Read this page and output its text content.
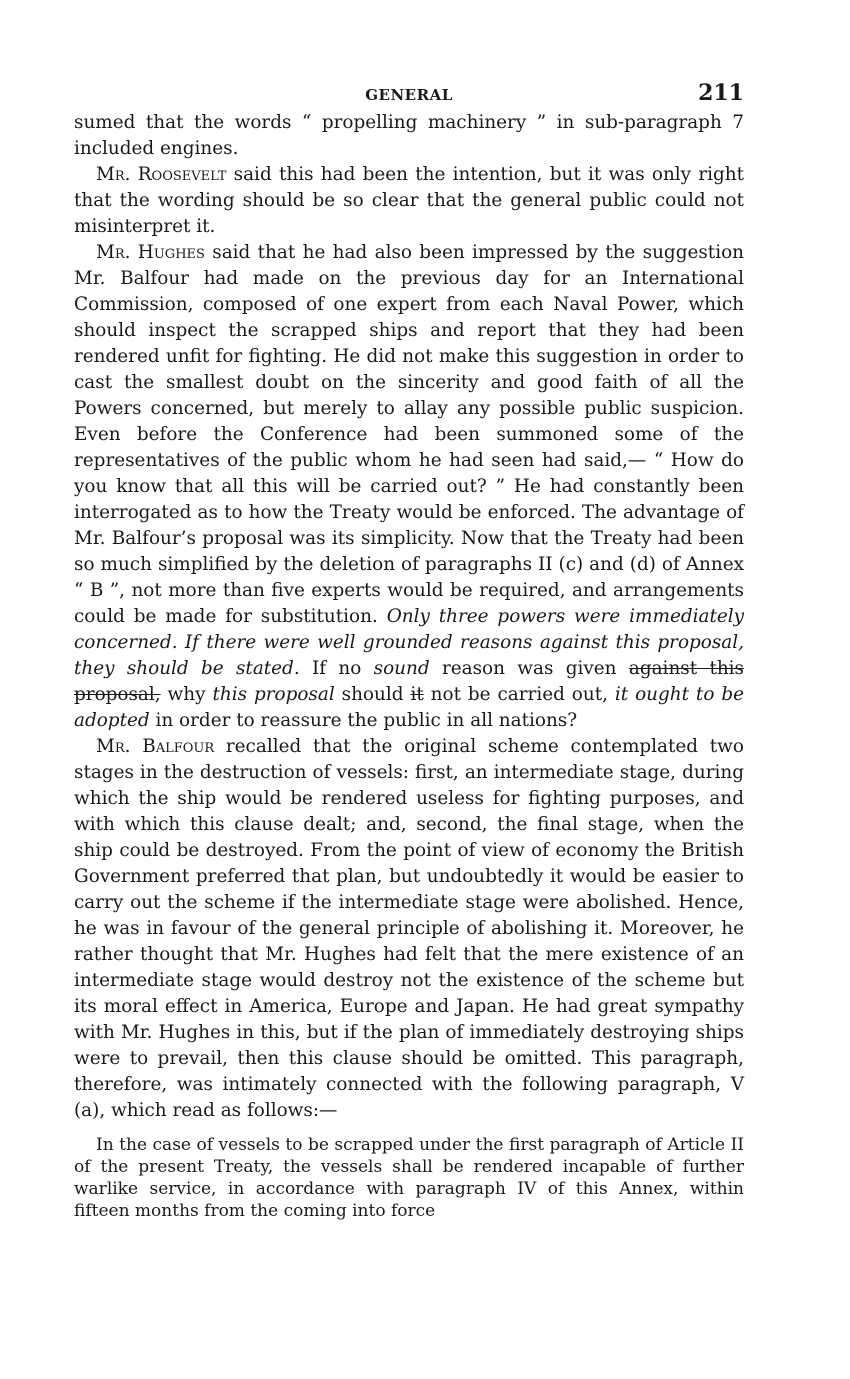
GENERAL	211

sumed that the words “ propelling machinery ” in sub-paragraph 7 included engines.

Mr. Roosevelt said this had been the intention, but it was only right that the wording should be so clear that the general public could not misinterpret it.

Mr. Hughes said that he had also been impressed by the suggestion Mr. Balfour had made on the previous day for an International Commission, composed of one expert from each Naval Power, which should inspect the scrapped ships and report that they had been rendered unfit for fighting. He did not make this suggestion in order to cast the smallest doubt on the sincerity and good faith of all the Powers concerned, but merely to allay any possible public suspicion. Even before the Conference had been summoned some of the representatives of the public whom he had seen had said,— “ How do you know that all this will be carried out? ” He had constantly been interrogated as to how the Treaty would be enforced. The advantage of Mr. Balfour’s proposal was its simplicity. Now that the Treaty had been so much simplified by the deletion of paragraphs II (c) and (d) of Annex “ B ”, not more than five experts would be required, and arrangements could be made for substitution. Only three powers were immediately concerned. If there were well grounded reasons against this proposal, they should be stated. If no sound reason was given against this proposal, why this proposal should it not be carried out, it ought to be adopted in order to reassure the public in all nations?

Mr. Balfour recalled that the original scheme contemplated two stages in the destruction of vessels: first, an intermediate stage, during which the ship would be rendered useless for fighting purposes, and with which this clause dealt; and, second, the final stage, when the ship could be destroyed. From the point of view of economy the British Government preferred that plan, but undoubtedly it would be easier to carry out the scheme if the intermediate stage were abolished. Hence, he was in favour of the general principle of abolishing it. Moreover, he rather thought that Mr. Hughes had felt that the mere existence of an intermediate stage would destroy not the existence of the scheme but its moral effect in America, Europe and Japan. He had great sympathy with Mr. Hughes in this, but if the plan of immediately destroying ships were to prevail, then this clause should be omitted. This paragraph, therefore, was intimately connected with the following paragraph, V (a), which read as follows:—

In the case of vessels to be scrapped under the first paragraph of Article II of the present Treaty, the vessels shall be rendered incapable of further warlike service, in accordance with paragraph IV of this Annex, within fifteen months from the coming into force
